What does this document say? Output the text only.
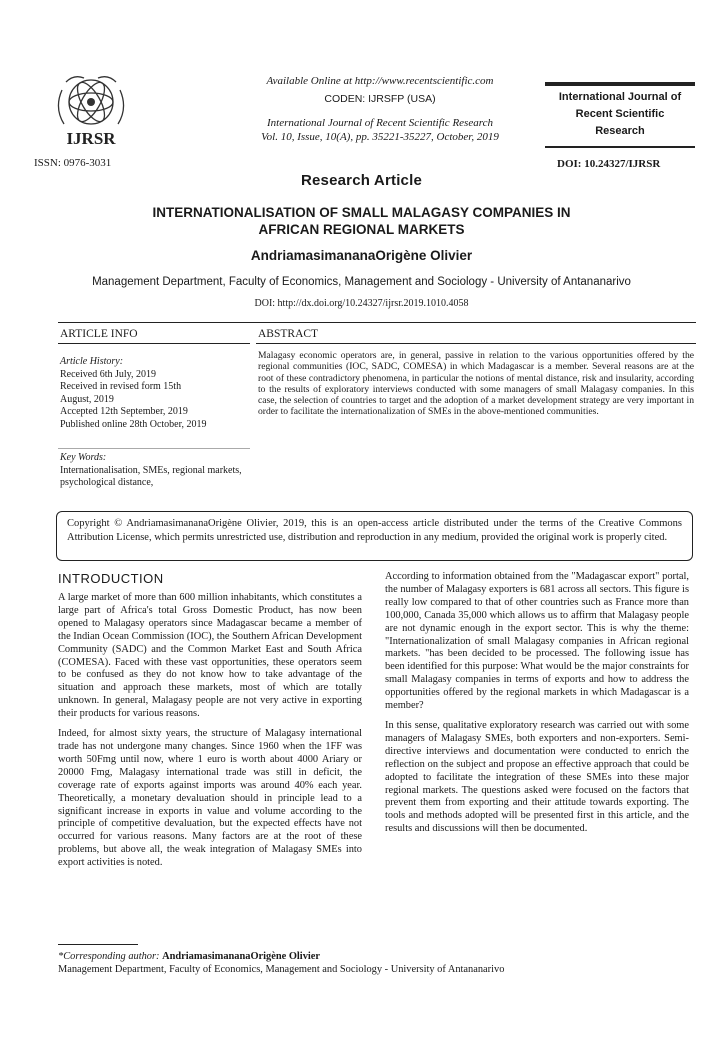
IJRSR
ISSN: 0976-3031
Available Online at http://www.recentscientific.com
CODEN: IJRSFP (USA)
International Journal of Recent Scientific Research
Vol. 10, Issue, 10(A), pp. 35221-35227, October, 2019
International Journal of
Recent Scientific
Research
DOI: 10.24327/IJRSR
Research Article
INTERNATIONALISATION OF SMALL MALAGASY COMPANIES IN
AFRICAN REGIONAL MARKETS
AndriamasimananaOrigène Olivier
Management Department, Faculty of Economics, Management and Sociology - University of Antananarivo
DOI: http://dx.doi.org/10.24327/ijrsr.2019.1010.4058
ARTICLE INFO	ABSTRACT
Article History:
Received 6th July, 2019
Received in revised form 15th
August, 2019
Accepted 12th September, 2019
Published online 28th October, 2019
Key Words:
Internationalisation, SMEs, regional markets, psychological distance,
Malagasy economic operators are, in general, passive in relation to the various opportunities offered by the regional communities (IOC, SADC, COMESA) in which Madagascar is a member. Several reasons are at the root of these contradictory phenomena, in particular the notions of mental distance, risk and insularity, according to the results of exploratory interviews conducted with some managers of small Malagasy companies. In this case, the selection of countries to target and the adoption of a market development strategy are very important in order to facilitate the internationalization of SMEs in the above-mentioned communities.
Copyright © AndriamasimananaOrigène Olivier, 2019, this is an open-access article distributed under the terms of the Creative Commons Attribution License, which permits unrestricted use, distribution and reproduction in any medium, provided the original work is properly cited.
INTRODUCTION

A large market of more than 600 million inhabitants, which constitutes a large part of Africa's total Gross Domestic Product, has now been opened to Malagasy operators since Madagascar became a member of the Indian Ocean Commission (IOC), the Southern African Development Community (SADC) and the Common Market East and South Africa (COMESA). Faced with these vast opportunities, these operators seem to be confused as they do not know how to take advantage of the situation and approach these markets, most of which are totally unknown. In general, Malagasy people are not very active in exporting their products for various reasons.

Indeed, for almost sixty years, the structure of Malagasy international trade has not undergone many changes. Since 1960 when the 1FF was worth 50Fmg until now, where 1 euro is worth about 4000 Ariary or 20000 Fmg, Malagasy international trade was still in deficit, the coverage rate of exports against imports was around 40% each year. Theoretically, a monetary devaluation should in principle lead to a significant increase in exports in value and volume according to the principle of competitive devaluation, but the expected effects have not occurred for various reasons. Many factors are at the root of these problems, but above all, the weak integration of Malagasy SMEs into export activities is noted.

According to information obtained from the "Madagascar export" portal, the number of Malagasy exporters is 681 across all sectors. This figure is really low compared to that of other countries such as France more than 100,000, Canada 35,000 which allows us to affirm that Malagasy people are not dynamic enough in the export sector. This is why the theme: "Internationalization of small Malagasy companies in African regional markets. "has been decided to be processed. The following issue has been identified for this purpose: What would be the major constraints for small Malagasy companies in terms of exports and how to address the opportunities offered by the regional markets in which Madagascar is a member?

In this sense, qualitative exploratory research was carried out with some managers of Malagasy SMEs, both exporters and non-exporters. Semi-directive interviews and documentation were conducted to enrich the reflection on the subject and propose an effective approach that could be adopted to facilitate the integration of these SMEs into these major regional markets. The questions asked were focused on the factors that prevent them from exporting and their attitude towards exporting. The tools and methods adopted will be presented first in this article, and the results and discussions will then be documented.

*Corresponding author: AndriamasimananaOrigène Olivier
Management Department, Faculty of Economics, Management and Sociology - University of Antananarivo
